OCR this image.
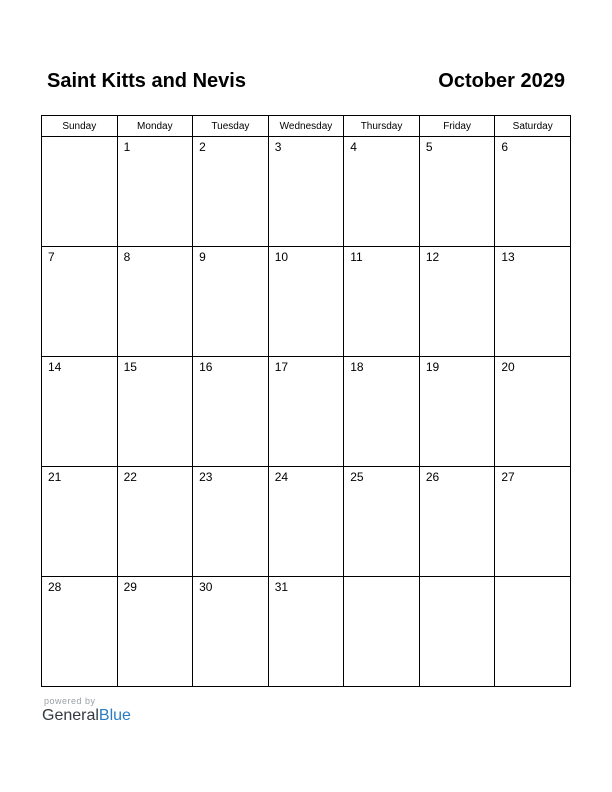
Saint Kitts and Nevis	October 2029
Sunday	Monday	Tuesday	Wednesday	Thursday	Friday	Saturday

	1	2	3	4	5	6

7	8	9	10	11	12	13

14	15	16	17	18	19	20

21	22	23	24	25	26	27

28	29	30	31			

powered by
GeneralBlue
